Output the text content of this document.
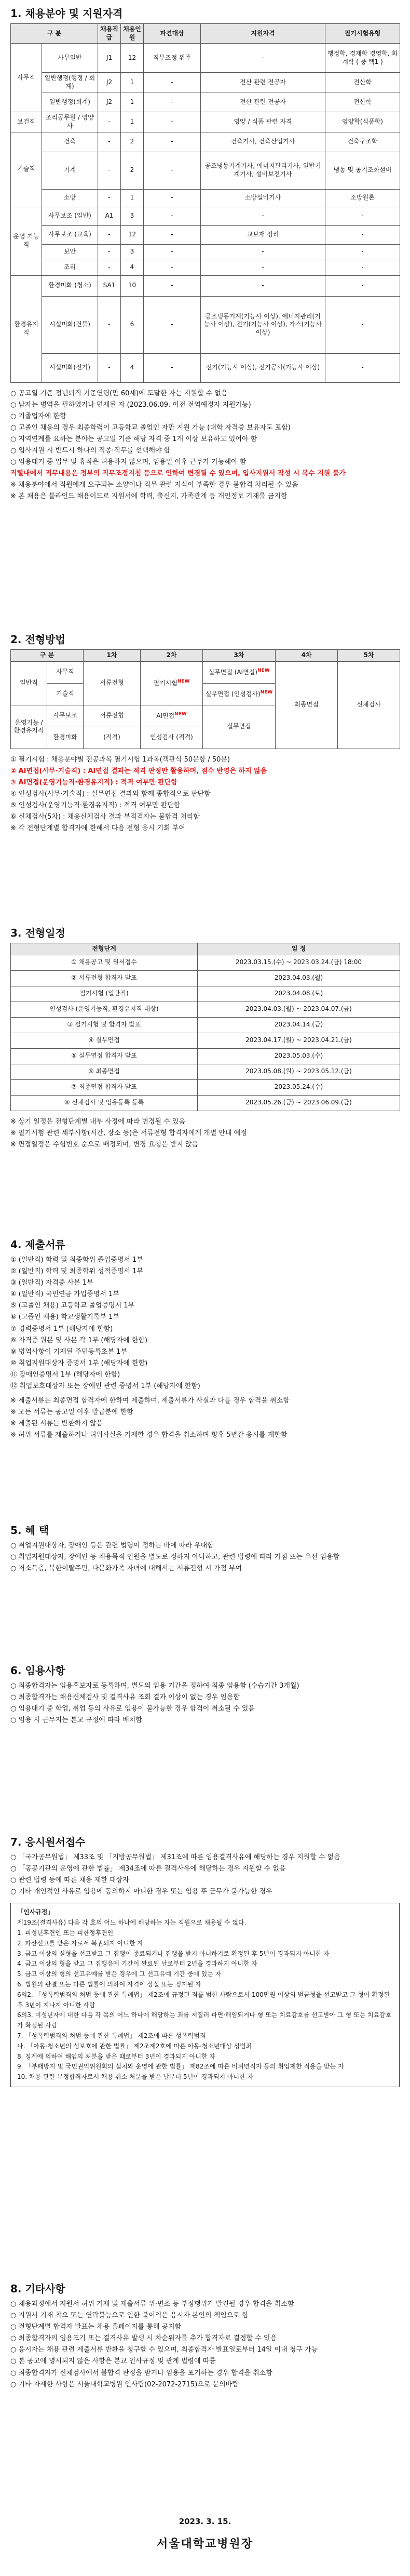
1. 채용분야 및 지원자격
구 분		채용직급	채용인원	파견대상	지원자격	필기시험유형
사무직	사무일반	J1	12	직무조정 위주	-	행정학, 경제학 경영학, 회계학 ( 중 택1 )
	일반행정(행정 / 회계)	J2	1	-	전산 관련 전공자	전산학
	일반행정(회계)	J2	1	-	전산 관련 전공자	전산학
보건직	조리공무원 / 영양사	-	1	-	영양 / 식품 관련 자격	영양학(식품학)
기술직	건축	-	2	-	건축기사, 건축산업기사	건축구조학
	기계	-	2	-	공조냉동기계기사, 에너지관리기사, 일반기계기사, 설비보전기사	냉동 및 공기조화설비
	소방	-	1	-	소방설비기사	소방원론
운영 기능직	사무보조 (일반)	A1	3	-	-	-
	사무보조 (교육)	-	12	-	교보재 정리	-
	보안	-	3	-	-	-
	조리	-	4	-	-	-
환경유지 직	환경미화 (청소)	SA1	10	-	-	-
	시설미화(건물)	-	6	-	공조냉동기계(기능사 이상), 에너지관리(기능사 이상), 전기(기능사 이상), 가스(기능사 이상)	-
	시설미화(전기)	-	4	-	전기(기능사 이상), 전기공사(기능사 이상)	-

○ 공고일 기준 정년퇴직 기준연령(만 60세)에 도달한 자는 지원할 수 없음

○ 남자는 병역을 필하였거나 면제된 자 (2023.06.09. 이전 전역예정자 지원가능)

○ 기졸업자에 한함

○ 고졸인 채용의 경우 최종학력이 고등학교 졸업인 자만 지원 가능 (대학 자격증 보유자도 포함)

○ 지역연계를 요하는 분야는 공고일 기준 해당 자격 중 1개 이상 보유하고 있어야 함

○ 입사지원 시 반드시 하나의 직종·직무를 선택해야 함

○ 임용대기 중 업무 및 휴직은 허용하지 않으며, 임용일 이후 근무가 가능해야 함

직렬내에서 직무내용은 정부의 직무조정지침 등으로 인하여 변경될 수 있으며, 입사지원서 작성 시 복수 지원 불가

※ 채용분야에서 직원에게 요구되는 소양이나 직무 관련 지식이 부족한 경우 불합격 처리될 수 있음

※ 본 채용은 블라인드 채용이므로 지원서에 학력, 출신지, 가족관계 등 개인정보 기재를 금지함

2. 전형방법
구 분		1차	2차	3차	4차	5차
일반직	사무직	서류전형	필기시험$^{NEW}$	실무면접 (AI면접)$^{NEW}$	최종면접	신체검사
	기술직			실무면접 (인성검사)$^{NEW}$
운영기능 / 환경유지직	사무보조	서류전형	AI면접$^{NEW}$	실무면접		
	환경미화	(적격)	인성검사 (적격)			

① 필기시험 : 채용분야별 전공과목 필기시험 1과목(객관식 50문항 / 50분)

② AI면접(사무·기술직) : AI면접 결과는 적격 판정만 활용하며, 점수 반영은 하지 않음

③ AI면접(운영기능직·환경유지직) : 적격 여부만 판단함

④ 인성검사(사무·기술직) : 실무면접 결과와 함께 종합적으로 판단함

⑤ 인성검사(운영기능직·환경유지직) : 적격 여부만 판단함

⑥ 신체검사(5차) : 채용신체검사 결과 부적격자는 불합격 처리함

※ 각 전형단계별 합격자에 한해서 다음 전형 응시 기회 부여

3. 전형일정
전형단계	일 정
① 채용공고 및 원서접수	2023.03.15.(수) ~ 2023.03.24.(금) 18:00
② 서류전형 합격자 발표	2023.04.03.(월)
필기시험 (일반직)	2023.04.08.(토)
인성검사 (운영기능직, 환경유지직 대상)	2023.04.03.(월) ~ 2023.04.07.(금)
③ 필기시험 및 합격자 발표	2023.04.14.(금)
④ 실무면접	2023.04.17.(월) ~ 2023.04.21.(금)
⑤ 실무면접 합격자 발표	2023.05.03.(수)
⑥ 최종면접	2023.05.08.(월) ~ 2023.05.12.(금)
⑦ 최종면접 합격자 발표	2023.05.24.(수)
⑧ 신체검사 및 임용등록 등록	2023.05.26.(금) ~ 2023.06.09.(금)

※ 상기 일정은 전형단계별 내부 사정에 따라 변경될 수 있음

※ 필기시험 관련 세부사항(시간, 장소 등)은 서류전형 합격자에게 개별 안내 예정

※ 면접일정은 수험번호 순으로 배정되며, 변경 요청은 받지 않음

4. 제출서류

① (일반직) 학력 및 최종학위 졸업증명서 1부

② (일반직) 학력 및 최종학위 성적증명서 1부

③ (일반직) 자격증 사본 1부

④ (일반직) 국민연금 가입증명서 1부

⑤ (고졸인 채용) 고등학교 졸업증명서 1부

⑥ (고졸인 채용) 학교생활기록부 1부

⑦ 경력증명서 1부 (해당자에 한함)

⑧ 자격증 원본 및 사본 각 1부 (해당자에 한함)

⑨ 병역사항이 기재된 주민등록초본 1부

⑩ 취업지원대상자 증명서 1부 (해당자에 한함)

⑪ 장애인증명서 1부 (해당자에 한함)

⑫ 취업보호대상자 또는 장애인 관련 증명서 1부 (해당자에 한함)

※ 제출서류는 최종면접 합격자에 한하여 제출하며, 제출서류가 사실과 다를 경우 합격을 취소함

※ 모든 서류는 공고일 이후 발급분에 한함

※ 제출된 서류는 반환하지 않음

※ 허위 서류를 제출하거나 허위사실을 기재한 경우 합격을 취소하며 향후 5년간 응시를 제한함

5. 혜 택

○ 취업지원대상자, 장애인 등은 관련 법령이 정하는 바에 따라 우대함

○ 취업지원대상자, 장애인 등 채용목적 인원을 별도로 정하지 아니하고, 관련 법령에 따라 가점 또는 우선 임용함

○ 저소득층, 북한이탈주민, 다문화가족 자녀에 대해서는 서류전형 시 가점 부여

6. 임용사항

○ 최종합격자는 임용후보자로 등록하며, 별도의 임용 기간을 정하여 최종 임용함 (수습기간 3개월)

○ 최종합격자는 채용신체검사 및 결격사유 조회 결과 이상이 없는 경우 임용함

○ 임용대기 중 학업, 취업 등의 사유로 임용이 불가능한 경우 합격이 취소될 수 있음

○ 임용 시 근무지는 본교 규정에 따라 배치함

7. 응시원서접수

○ 「국가공무원법」 제33조 및 「지방공무원법」 제31조에 따른 임용결격사유에 해당하는 경우 지원할 수 없음

○ 「공공기관의 운영에 관한 법률」 제34조에 따른 결격사유에 해당하는 경우 지원할 수 없음

○ 관련 법령 등에 따른 채용 제한 대상자

○ 기타 개인적인 사유로 임용에 동의하지 아니한 경우 또는 임용 후 근무가 불가능한 경우

「인사규정」

제19조(결격사유) 다음 각 호의 어느 하나에 해당하는 자는 직원으로 채용될 수 없다.

1. 피성년후견인 또는 피한정후견인

2. 파산선고를 받은 자로서 복권되지 아니한 자

3. 금고 이상의 실형을 선고받고 그 집행이 종료되거나 집행을 받지 아니하기로 확정된 후 5년이 경과되지 아니한 자

4. 금고 이상의 형을 받고 그 집행유예 기간이 완료된 날로부터 2년을 경과하지 아니한 자

5. 금고 이상의 형의 선고유예를 받은 경우에 그 선고유예 기간 중에 있는 자

6. 법원의 판결 또는 다른 법률에 의하여 자격이 상실 또는 정지된 자

6의2. 「성폭력범죄의 처벌 등에 관한 특례법」 제2조에 규정된 죄를 범한 사람으로서 100만원 이상의 벌금형을 선고받고 그 형이 확정된 후 3년이 지나지 아니한 사람

6의3. 미성년자에 대한 다음 각 목의 어느 하나에 해당하는 죄를 저질러 파면·해임되거나 형 또는 치료감호를 선고받아 그 형 또는 치료감호가 확정된 사람

7. 「성폭력범죄의 처벌 등에 관한 특례법」 제2조에 따른 성폭력범죄

나. 「아동·청소년의 성보호에 관한 법률」 제2조제2호에 따른 아동·청소년대상 성범죄

8. 징계에 의하여 해임의 처분을 받은 때로부터 3년이 경과되지 아니한 자

9. 「부패방지 및 국민권익위원회의 설치와 운영에 관한 법률」 제82조에 따른 비위면직자 등의 취업제한 적용을 받는 자

10. 채용 관련 부정합격자로서 채용 취소 처분을 받은 날부터 5년이 경과되지 아니한 자

8. 기타사항

○ 채용과정에서 지원서 허위 기재 및 제출서류 위·변조 등 부정행위가 발견될 경우 합격을 취소함

○ 지원서 기재 착오 또는 연락불능으로 인한 불이익은 응시자 본인의 책임으로 함

○ 전형단계별 합격자 발표는 채용 홈페이지를 통해 공지함

○ 최종합격자의 임용포기 또는 결격사유 발생 시 차순위자를 추가 합격자로 결정할 수 있음

○ 응시자는 채용 관련 제출서류 반환을 청구할 수 있으며, 최종합격자 발표일로부터 14일 이내 청구 가능

○ 본 공고에 명시되지 않은 사항은 본교 인사규정 및 관계 법령에 따름

○ 최종합격자가 신체검사에서 불합격 판정을 받거나 임용을 포기하는 경우 합격을 취소함

○ 기타 자세한 사항은 서울대학교병원 인사팀(02-2072-2715)으로 문의바람

2023. 3. 15.
서울대학교병원장
